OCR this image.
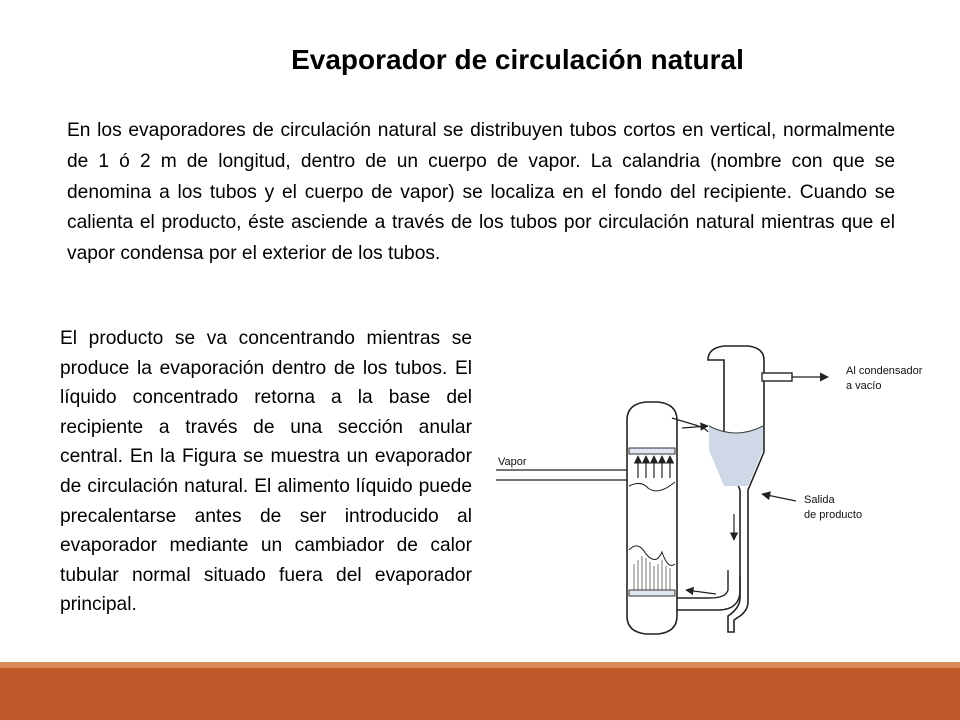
Evaporador de circulación natural

En los evaporadores de circulación natural se distribuyen tubos cortos en vertical, normalmente de 1 ó 2 m de longitud, dentro de un cuerpo de vapor. La calandria (nombre con que se denomina a los tubos y el cuerpo de vapor) se localiza en el fondo del recipiente. Cuando se calienta el producto, éste asciende a través de los tubos por circulación natural mientras que el vapor condensa por el exterior de los tubos.

El producto se va concentrando mientras se produce la evaporación dentro de los tubos. El líquido concentrado retorna a la base del recipiente a través de una sección anular central. En la Figura se muestra un evaporador de circulación natural. El alimento líquido puede precalentarse antes de ser introducido al evaporador mediante un cambiador de calor tubular normal situado fuera del evaporador principal.

Vapor
Al condensador
a vacío
Salida
de producto
